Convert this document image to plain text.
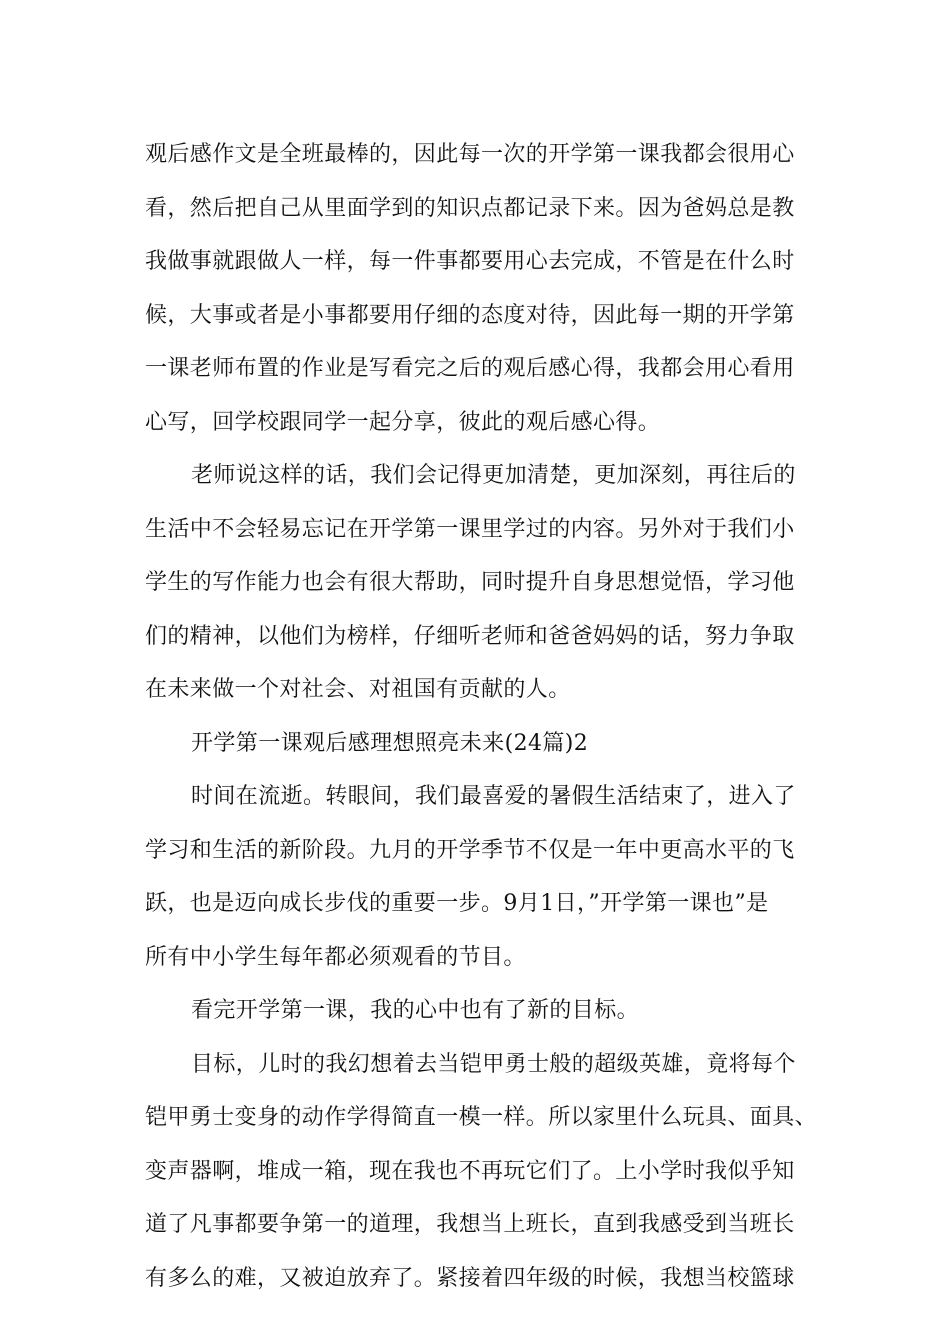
观后感作文是全班最棒的，因此每一次的开学第一课我都会很用心
看，然后把自己从里面学到的知识点都记录下来。因为爸妈总是教
我做事就跟做人一样，每一件事都要用心去完成，不管是在什么时
候，大事或者是小事都要用仔细的态度对待，因此每一期的开学第
一课老师布置的作业是写看完之后的观后感心得，我都会用心看用
心写，回学校跟同学一起分享，彼此的观后感心得。
老师说这样的话，我们会记得更加清楚，更加深刻，再往后的
生活中不会轻易忘记在开学第一课里学过的内容。另外对于我们小
学生的写作能力也会有很大帮助，同时提升自身思想觉悟，学习他
们的精神，以他们为榜样，仔细听老师和爸爸妈妈的话，努力争取
在未来做一个对社会、对祖国有贡献的人。
开学第一课观后感理想照亮未来(24篇)2
时间在流逝。转眼间，我们最喜爱的暑假生活结束了，进入了
学习和生活的新阶段。九月的开学季节不仅是一年中更高水平的飞
跃，也是迈向成长步伐的重要一步。9月1日，”开学第一课也”是
所有中小学生每年都必须观看的节目。
看完开学第一课，我的心中也有了新的目标。
目标，儿时的我幻想着去当铠甲勇士般的超级英雄，竟将每个
铠甲勇士变身的动作学得简直一模一样。所以家里什么玩具、面具、
变声器啊，堆成一箱，现在我也不再玩它们了。上小学时我似乎知
道了凡事都要争第一的道理，我想当上班长，直到我感受到当班长
有多么的难，又被迫放弃了。紧接着四年级的时候，我想当校篮球
